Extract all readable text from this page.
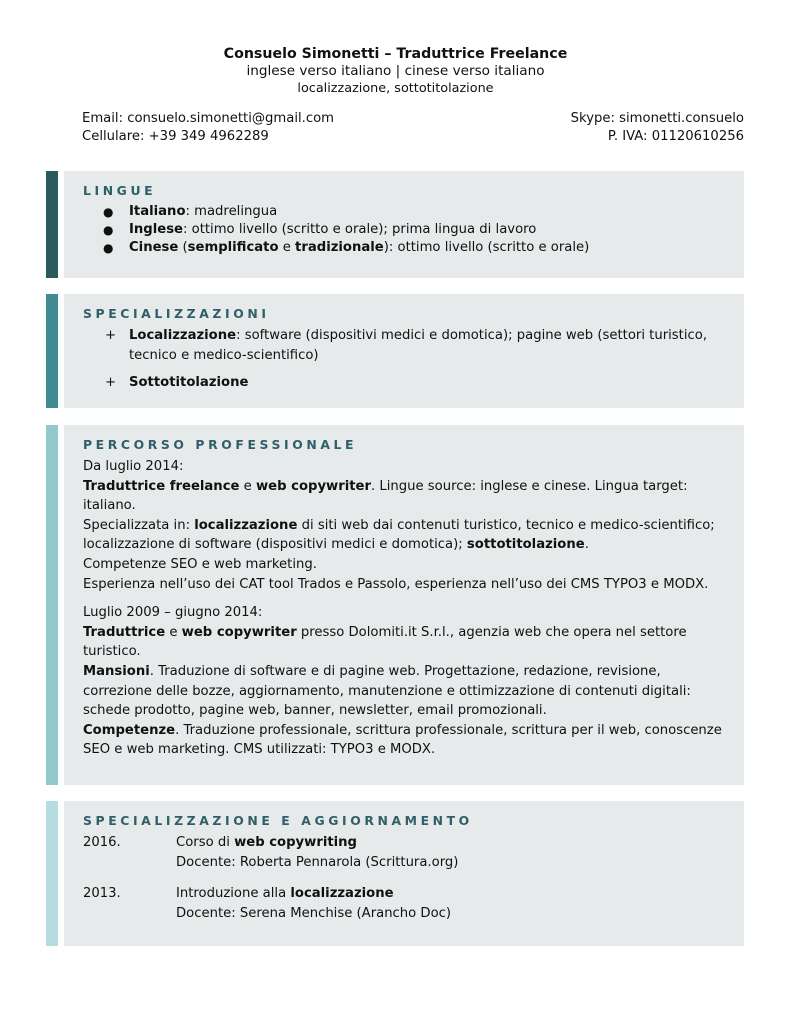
Consuelo Simonetti – Traduttrice Freelance
inglese verso italiano | cinese verso italiano
localizzazione, sottotitolazione
Email: consuelo.simonetti@gmail.com
Cellulare: +39 349 4962289
Skype: simonetti.consuelo
P. IVA: 01120610256
LINGUE
● Italiano: madrelingua
● Inglese: ottimo livello (scritto e orale); prima lingua di lavoro
● Cinese (semplificato e tradizionale): ottimo livello (scritto e orale)
SPECIALIZZAZIONI
+ Localizzazione: software (dispositivi medici e domotica); pagine web (settori turistico, tecnico e medico-scientifico)
+ Sottotitolazione
PERCORSO PROFESSIONALE
Da luglio 2014:
Traduttrice freelance e web copywriter. Lingue source: inglese e cinese. Lingua target: italiano.
Specializzata in: localizzazione di siti web dai contenuti turistico, tecnico e medico-scientifico; localizzazione di software (dispositivi medici e domotica); sottotitolazione.
Competenze SEO e web marketing.
Esperienza nell’uso dei CAT tool Trados e Passolo, esperienza nell’uso dei CMS TYPO3 e MODX.
Luglio 2009 – giugno 2014:
Traduttrice e web copywriter presso Dolomiti.it S.r.l., agenzia web che opera nel settore turistico.
Mansioni. Traduzione di software e di pagine web. Progettazione, redazione, revisione, correzione delle bozze, aggiornamento, manutenzione e ottimizzazione di contenuti digitali: schede prodotto, pagine web, banner, newsletter, email promozionali.
Competenze. Traduzione professionale, scrittura professionale, scrittura per il web, conoscenze SEO e web marketing. CMS utilizzati: TYPO3 e MODX.
SPECIALIZZAZIONE E AGGIORNAMENTO
2016.	Corso di web copywriting
Docente: Roberta Pennarola (Scrittura.org)
2013.	Introduzione alla localizzazione
Docente: Serena Menchise (Arancho Doc)
